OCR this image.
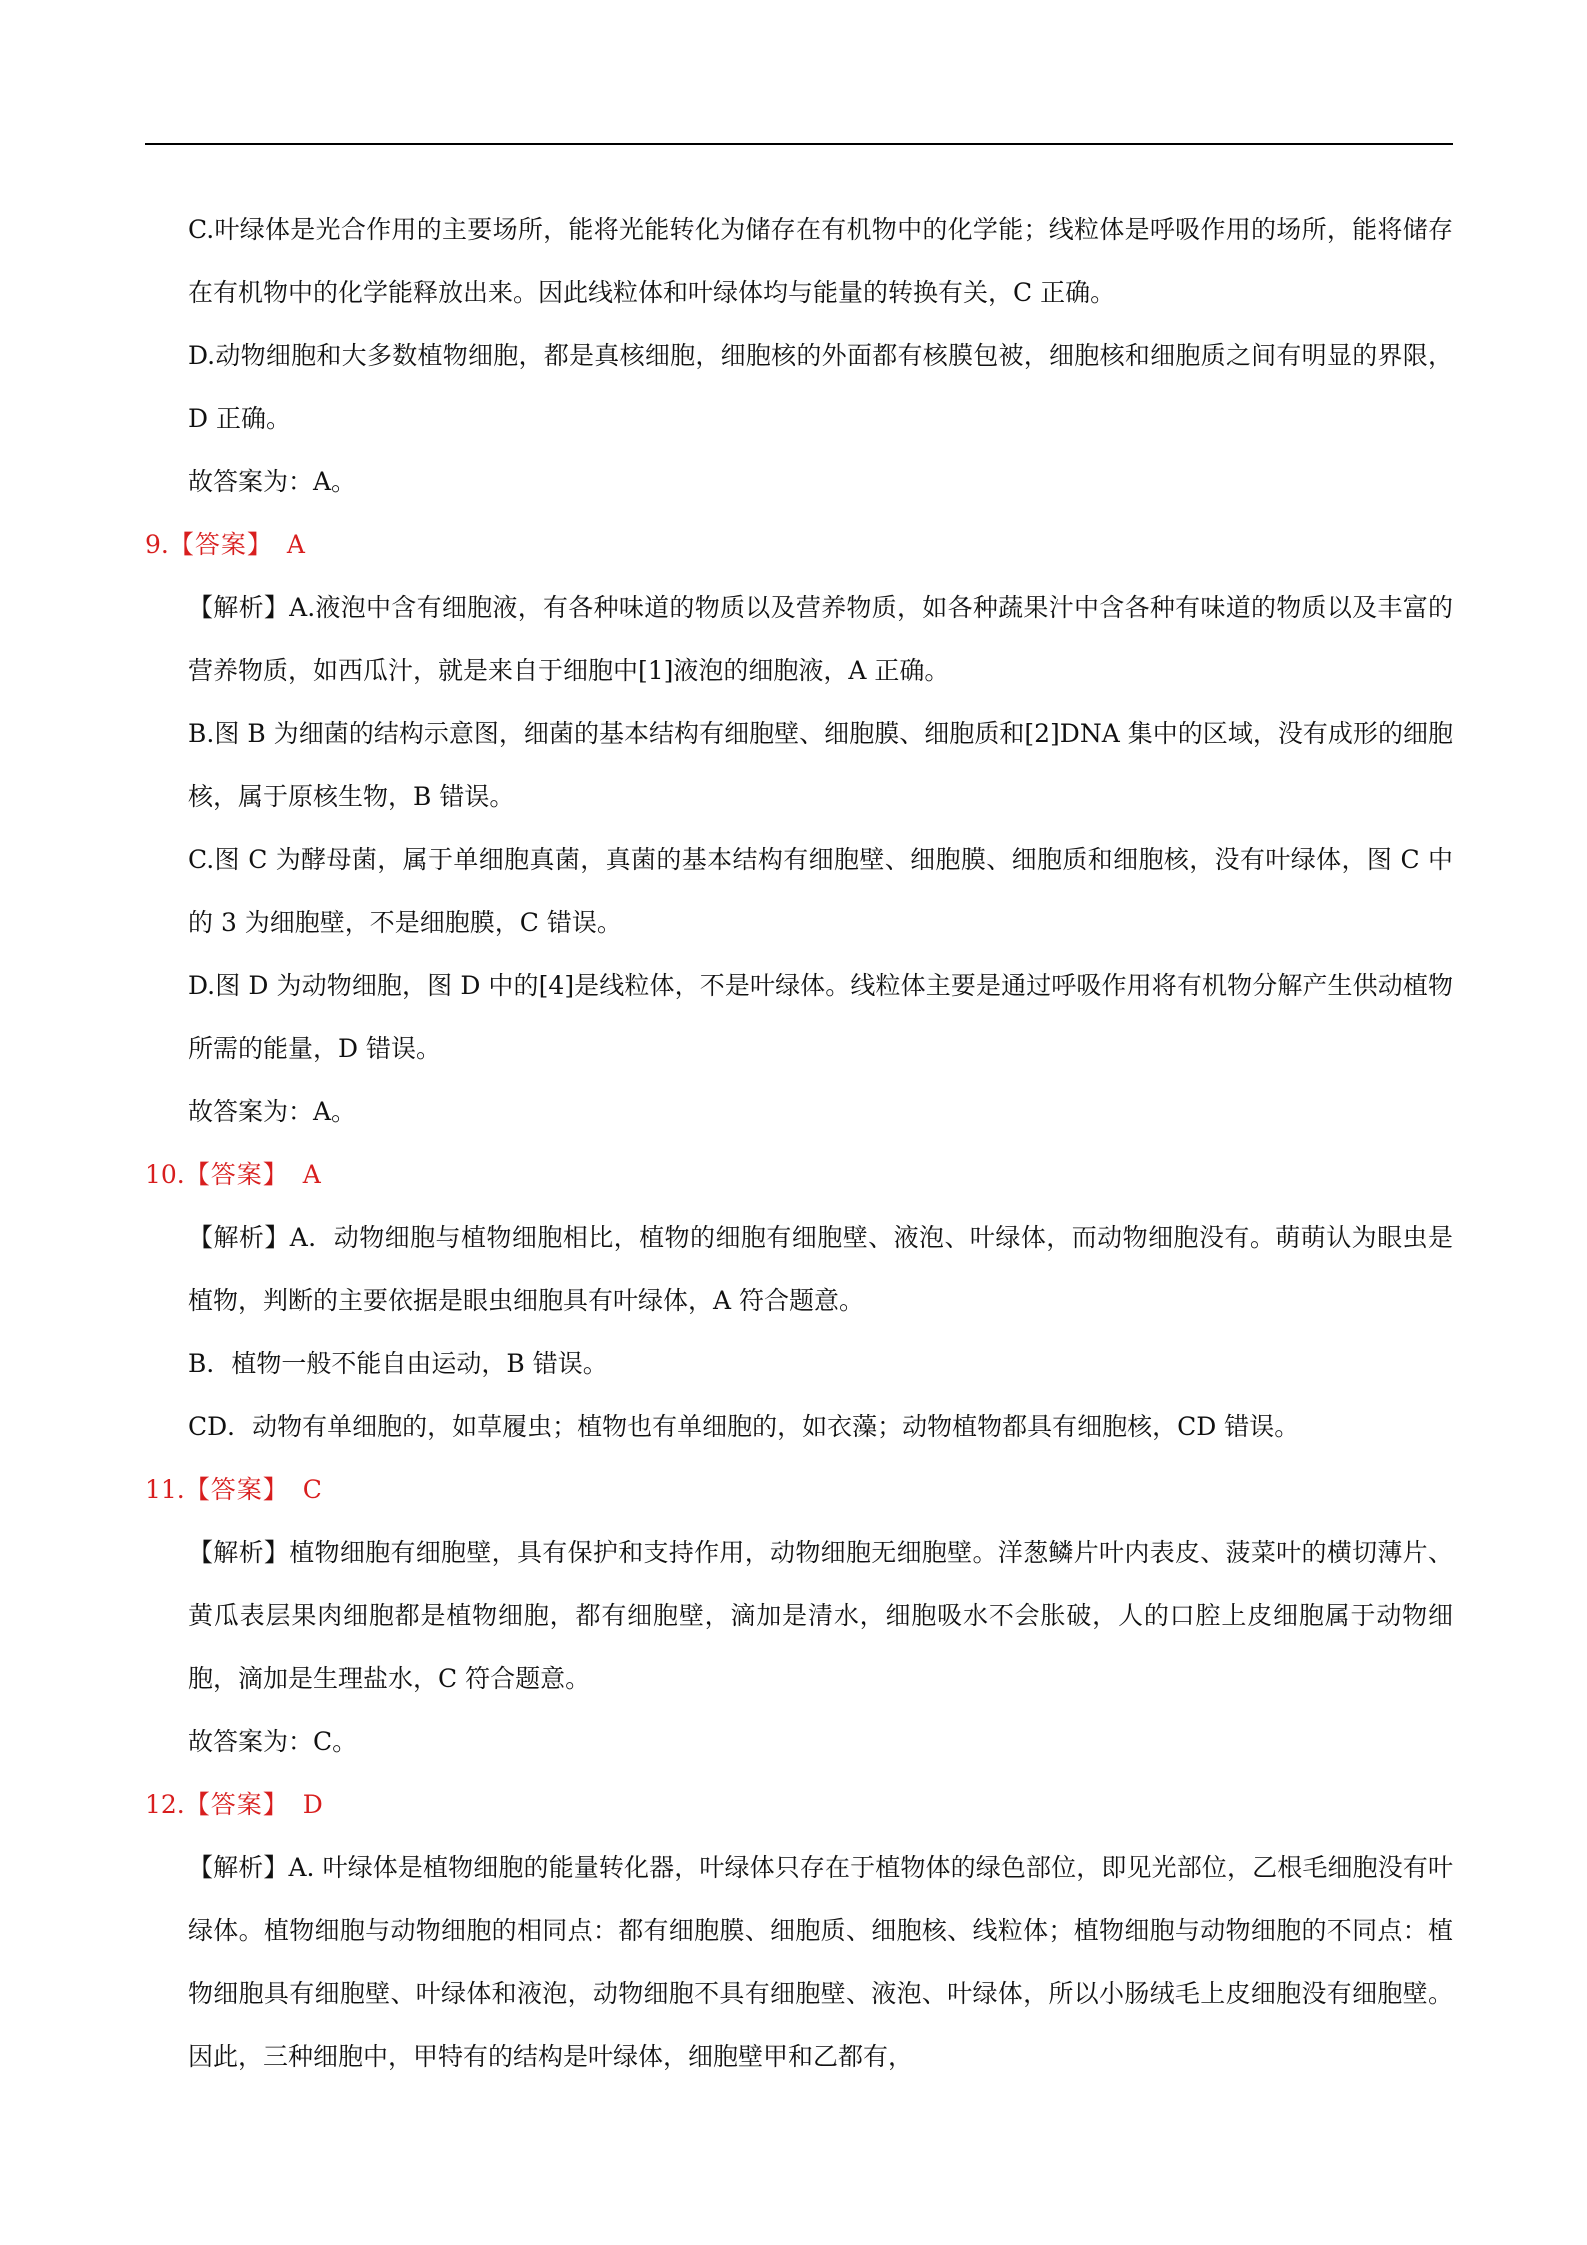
C.叶绿体是光合作用的主要场所，能将光能转化为储存在有机物中的化学能；线粒体是呼吸作用的场所，能将储存在有机物中的化学能释放出来。因此线粒体和叶绿体均与能量的转换有关，C 正确。
D.动物细胞和大多数植物细胞，都是真核细胞，细胞核的外面都有核膜包被，细胞核和细胞质之间有明显的界限，D 正确。
故答案为：A。
9.【答案】 A
【解析】A.液泡中含有细胞液，有各种味道的物质以及营养物质，如各种蔬果汁中含各种有味道的物质以及丰富的营养物质，如西瓜汁，就是来自于细胞中[1]液泡的细胞液，A 正确。
B.图 B 为细菌的结构示意图，细菌的基本结构有细胞壁、细胞膜、细胞质和[2]DNA 集中的区域，没有成形的细胞核，属于原核生物，B 错误。
C.图 C 为酵母菌，属于单细胞真菌，真菌的基本结构有细胞壁、细胞膜、细胞质和细胞核，没有叶绿体，图 C 中的 3 为细胞壁，不是细胞膜，C 错误。
D.图 D 为动物细胞，图 D 中的[4]是线粒体，不是叶绿体。线粒体主要是通过呼吸作用将有机物分解产生供动植物所需的能量，D 错误。
故答案为：A。
10.【答案】 A
【解析】A．动物细胞与植物细胞相比，植物的细胞有细胞壁、液泡、叶绿体，而动物细胞没有。萌萌认为眼虫是植物，判断的主要依据是眼虫细胞具有叶绿体，A 符合题意。
B．植物一般不能自由运动，B 错误。
CD．动物有单细胞的，如草履虫；植物也有单细胞的，如衣藻；动物植物都具有细胞核，CD 错误。
11.【答案】 C
【解析】植物细胞有细胞壁，具有保护和支持作用，动物细胞无细胞壁。洋葱鳞片叶内表皮、菠菜叶的横切薄片、黄瓜表层果肉细胞都是植物细胞，都有细胞壁，滴加是清水，细胞吸水不会胀破，人的口腔上皮细胞属于动物细胞，滴加是生理盐水，C 符合题意。
故答案为：C。
12.【答案】 D
【解析】A. 叶绿体是植物细胞的能量转化器，叶绿体只存在于植物体的绿色部位，即见光部位，乙根毛细胞没有叶绿体。植物细胞与动物细胞的相同点：都有细胞膜、细胞质、细胞核、线粒体；植物细胞与动物细胞的不同点：植物细胞具有细胞壁、叶绿体和液泡，动物细胞不具有细胞壁、液泡、叶绿体，所以小肠绒毛上皮细胞没有细胞壁。因此，三种细胞中，甲特有的结构是叶绿体，细胞壁甲和乙都有，
